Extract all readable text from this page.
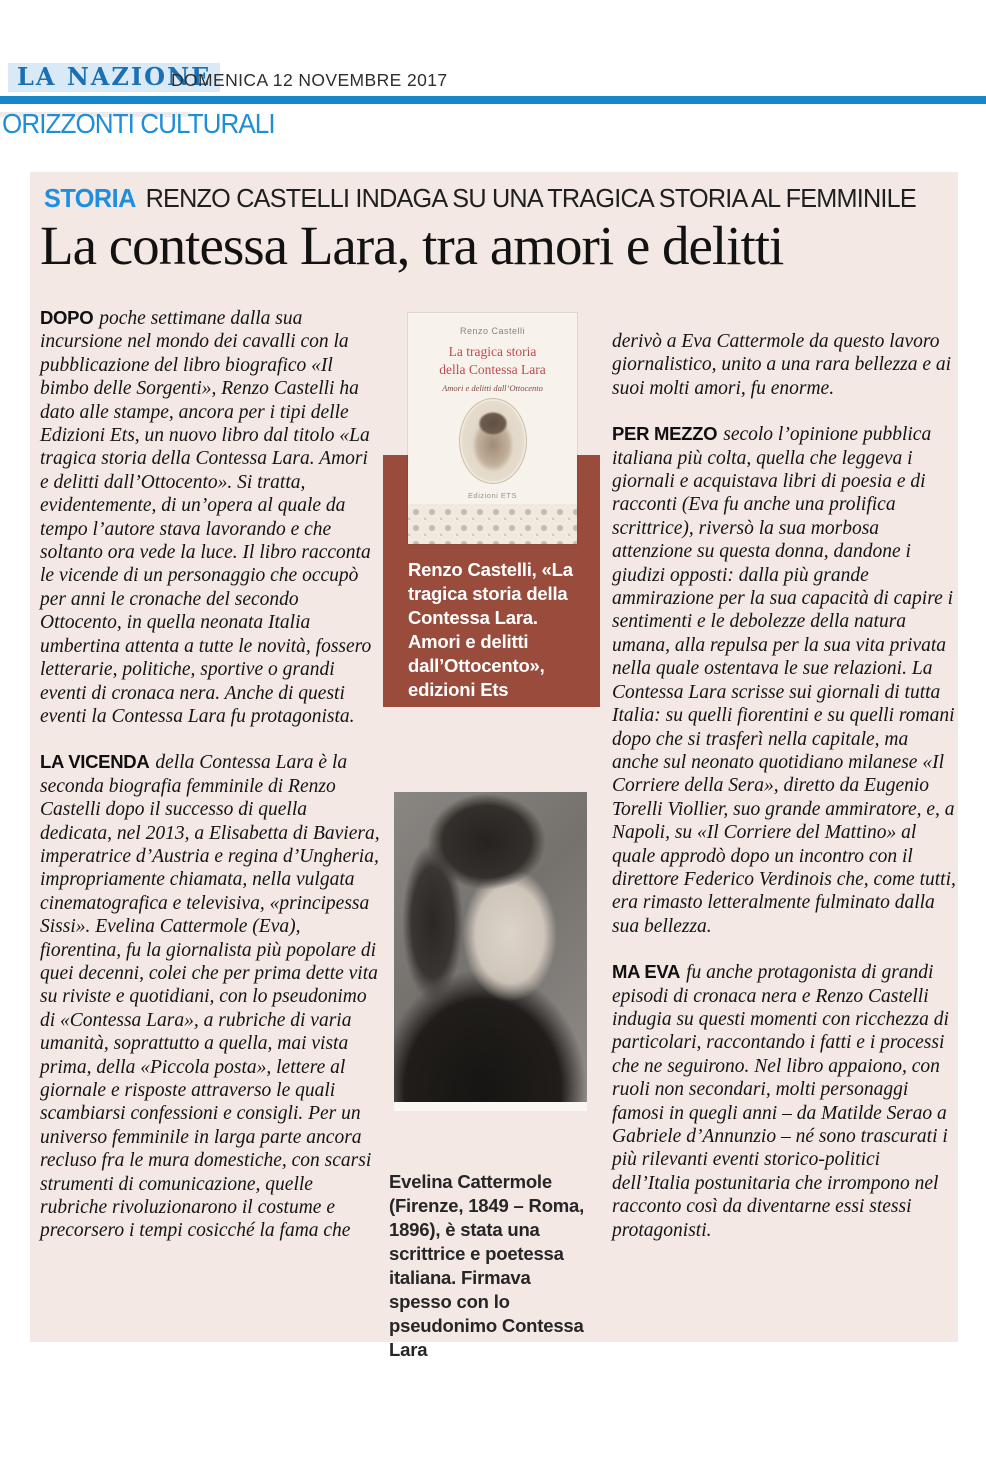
LA NAZIONE
DOMENICA 12 NOVEMBRE 2017
ORIZZONTI CULTURALI
STORIA RENZO CASTELLI INDAGA SU UNA TRAGICA STORIA AL FEMMINILE
La contessa Lara, tra amori e delitti

DOPO poche settimane dalla sua incursione nel mondo dei cavalli con la pubblicazione del libro biografico «Il bimbo delle Sorgenti», Renzo Castelli ha dato alle stampe, ancora per i tipi delle Edizioni Ets, un nuovo libro dal titolo «La tragica storia della Contessa Lara. Amori e delitti dall’Ottocento». Si tratta, evidentemente, di un’opera al quale da tempo l’autore stava lavorando e che soltanto ora vede la luce. Il libro racconta le vicende di un personaggio che occupò per anni le cronache del secondo Ottocento, in quella neonata Italia umbertina attenta a tutte le novità, fossero letterarie, politiche, sportive o grandi eventi di cronaca nera. Anche di questi eventi la Contessa Lara fu protagonista.

LA VICENDA della Contessa Lara è la seconda biografia femminile di Renzo Castelli dopo il successo di quella dedicata, nel 2013, a Elisabetta di Baviera, imperatrice d’Austria e regina d’Ungheria, impropriamente chiamata, nella vulgata cinematografica e televisiva, «principessa Sissi». Evelina Cattermole (Eva), fiorentina, fu la giornalista più popolare di quei decenni, colei che per prima dette vita su riviste e quotidiani, con lo pseudonimo di «Contessa Lara», a rubriche di varia umanità, soprattutto a quella, mai vista prima, della «Piccola posta», lettere al giornale e risposte attraverso le quali scambiarsi confessioni e consigli. Per un universo femminile in larga parte ancora recluso fra le mura domestiche, con scarsi strumenti di comunicazione, quelle rubriche rivoluzionarono il costume e precorsero i tempi cosicché la fama che

derivò a Eva Cattermole da questo lavoro giornalistico, unito a una rara bellezza e ai suoi molti amori, fu enorme.

PER MEZZO secolo l’opinione pubblica italiana più colta, quella che leggeva i giornali e acquistava libri di poesia e di racconti (Eva fu anche una prolifica scrittrice), riversò la sua morbosa attenzione su questa donna, dandone i giudizi opposti: dalla più grande ammirazione per la sua capacità di capire i sentimenti e le debolezze della natura umana, alla repulsa per la sua vita privata nella quale ostentava le sue relazioni. La Contessa Lara scrisse sui giornali di tutta Italia: su quelli fiorentini e su quelli romani dopo che si trasferì nella capitale, ma anche sul neonato quotidiano milanese «Il Corriere della Sera», diretto da Eugenio Torelli Viollier, suo grande ammiratore, e, a Napoli, su «Il Corriere del Mattino» al quale approdò dopo un incontro con il direttore Federico Verdinois che, come tutti, era rimasto letteralmente fulminato dalla sua bellezza.

MA EVA fu anche protagonista di grandi episodi di cronaca nera e Renzo Castelli indugia su questi momenti con ricchezza di particolari, raccontando i fatti e i processi che ne seguirono. Nel libro appaiono, con ruoli non secondari, molti personaggi famosi in quegli anni – da Matilde Serao a Gabriele d’Annunzio – né sono trascurati i più rilevanti eventi storico-politici dell’Italia postunitaria che irrompono nel racconto così da diventarne essi stessi protagonisti.

Renzo Castelli
La tragica storia
della Contessa Lara
Amori e delitti dall’Ottocento
Edizioni ETS
Renzo Castelli, «La tragica storia della Contessa Lara. Amori e delitti dall’Ottocento», edizioni Ets
Evelina Cattermole (Firenze, 1849 – Roma, 1896), è stata una scrittrice e poetessa italiana. Firmava spesso con lo pseudonimo Contessa Lara
